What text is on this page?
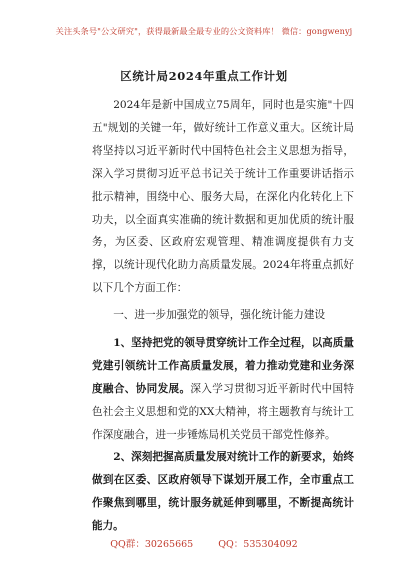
关注头条号"公文研究"，获得最新最全最专业的公文资料库！ 微信：gongwenyj
区统计局2024年重点工作计划

2024年是新中国成立75周年，同时也是实施"十四五"规划的关键一年，做好统计工作意义重大。区统计局将坚持以习近平新时代中国特色社会主义思想为指导，深入学习贯彻习近平总书记关于统计工作重要讲话指示批示精神，围绕中心、服务大局，在深化内化转化上下功夫，以全面真实准确的统计数据和更加优质的统计服务，为区委、区政府宏观管理、精准调度提供有力支撑，以统计现代化助力高质量发展。2024年将重点抓好以下几个方面工作：

一、进一步加强党的领导，强化统计能力建设

1、坚持把党的领导贯穿统计工作全过程，以高质量党建引领统计工作高质量发展，着力推动党建和业务深度融合、协同发展。深入学习贯彻习近平新时代中国特色社会主义思想和党的XX大精神，将主题教育与统计工作深度融合，进一步锤炼局机关党员干部党性修养。

2、深刻把握高质量发展对统计工作的新要求，始终做到在区委、区政府领导下谋划开展工作，全市重点工作聚焦到哪里，统计服务就延伸到哪里，不断提高统计能力。

QQ群：30265665	QQ：535304092
